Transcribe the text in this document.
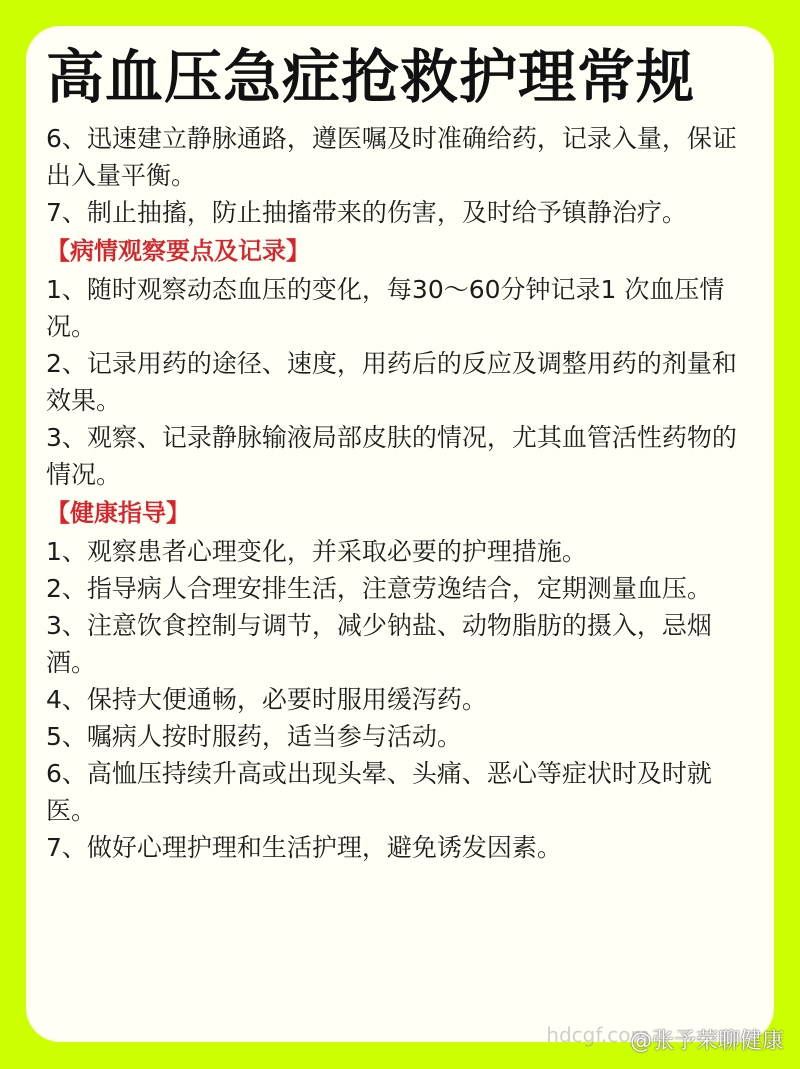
高血压急症抢救护理常规

6、迅速建立静脉通路，遵医嘱及时准确给药，记录入量，保证出入量平衡。

7、制止抽搐，防止抽搐带来的伤害，及时给予镇静治疗。

【病情观察要点及记录】

1、随时观察动态血压的变化，每30～60分钟记录1 次血压情况。

2、记录用药的途径、速度，用药后的反应及调整用药的剂量和效果。

3、观察、记录静脉输液局部皮肤的情况，尤其血管活性药物的情况。

【健康指导】

1、观察患者心理变化，并采取必要的护理措施。

2、指导病人合理安排生活，注意劳逸结合，定期测量血压。

3、注意饮食控制与调节，减少钠盐、动物脂肪的摄入，忌烟酒。

4、保持大便通畅，必要时服用缓泻药。

5、嘱病人按时服药，适当参与活动。

6、高恤压持续升高或出现头晕、头痛、恶心等症状时及时就医。

7、做好心理护理和生活护理，避免诱发因素。

hdcgf.com
@张予荣聊健康
